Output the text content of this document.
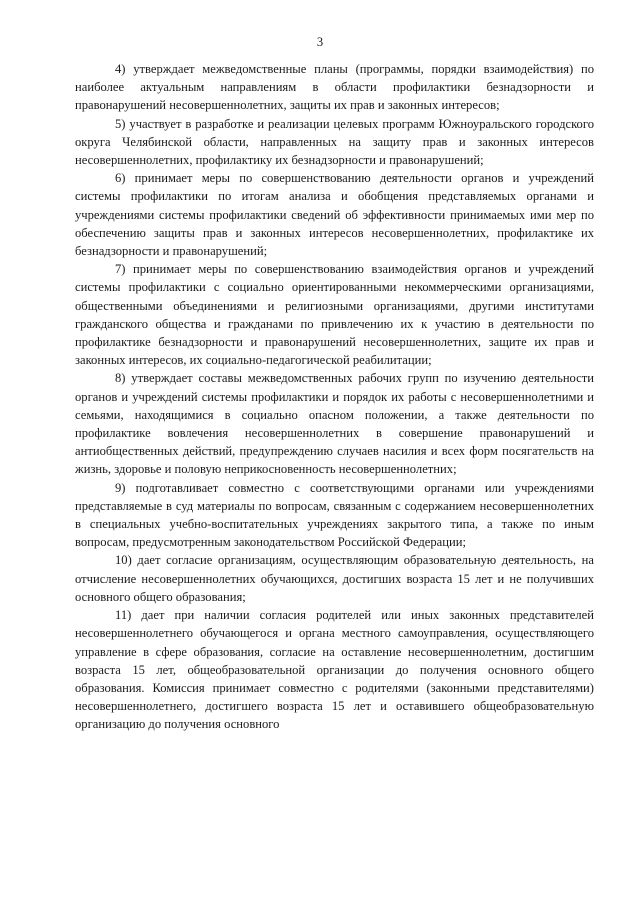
3

4) утверждает межведомственные планы (программы, порядки взаимодействия) по наиболее актуальным направлениям в области профилактики безнадзорности и правонарушений несовершеннолетних, защиты их прав и законных интересов;

5) участвует в разработке и реализации целевых программ Южноуральского городского округа Челябинской области, направленных на защиту прав и законных интересов несовершеннолетних, профилактику их безнадзорности и правонарушений;

6) принимает меры по совершенствованию деятельности органов и учреждений системы профилактики по итогам анализа и обобщения представляемых органами и учреждениями системы профилактики сведений об эффективности принимаемых ими мер по обеспечению защиты прав и законных интересов несовершеннолетних, профилактике их безнадзорности и правонарушений;

7) принимает меры по совершенствованию взаимодействия органов и учреждений системы профилактики с социально ориентированными некоммерческими организациями, общественными объединениями и религиозными организациями, другими институтами гражданского общества и гражданами по привлечению их к участию в деятельности по профилактике безнадзорности и правонарушений несовершеннолетних, защите их прав и законных интересов, их социально-педагогической реабилитации;

8) утверждает составы межведомственных рабочих групп по изучению деятельности органов и учреждений системы профилактики и порядок их работы с несовершеннолетними и семьями, находящимися в социально опасном положении, а также деятельности по профилактике вовлечения несовершеннолетних в совершение правонарушений и антиобщественных действий, предупреждению случаев насилия и всех форм посягательств на жизнь, здоровье и половую неприкосновенность несовершеннолетних;

9) подготавливает совместно с соответствующими органами или учреждениями представляемые в суд материалы по вопросам, связанным с содержанием несовершеннолетних в специальных учебно-воспитательных учреждениях закрытого типа, а также по иным вопросам, предусмотренным законодательством Российской Федерации;

10) дает согласие организациям, осуществляющим образовательную деятельность, на отчисление несовершеннолетних обучающихся, достигших возраста 15 лет и не получивших основного общего образования;

11) дает при наличии согласия родителей или иных законных представителей несовершеннолетнего обучающегося и органа местного самоуправления, осуществляющего управление в сфере образования, согласие на оставление несовершеннолетним, достигшим возраста 15 лет, общеобразовательной организации до получения основного общего образования. Комиссия принимает совместно с родителями (законными представителями) несовершеннолетнего, достигшего возраста 15 лет и оставившего общеобразовательную организацию до получения основного
